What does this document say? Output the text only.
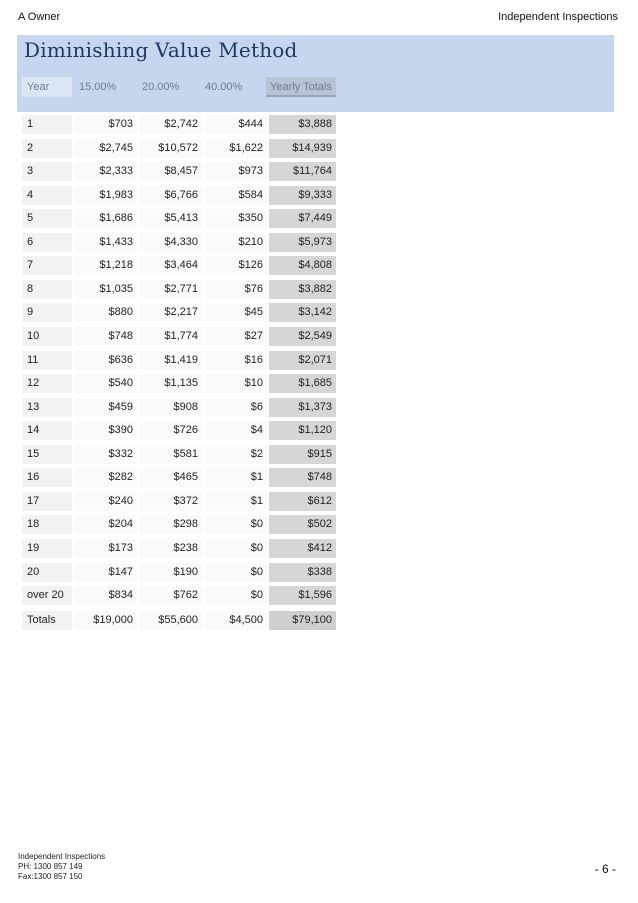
A Owner	Independent Inspections
Diminishing Value Method
Year	15.00%	20.00%	40.00%	Yearly Totals
1	$703	$2,742	$444	$3,888
2	$2,745	$10,572	$1,622	$14,939
3	$2,333	$8,457	$973	$11,764
4	$1,983	$6,766	$584	$9,333
5	$1,686	$5,413	$350	$7,449
6	$1,433	$4,330	$210	$5,973
7	$1,218	$3,464	$126	$4,808
8	$1,035	$2,771	$76	$3,882
9	$880	$2,217	$45	$3,142
10	$748	$1,774	$27	$2,549
11	$636	$1,419	$16	$2,071
12	$540	$1,135	$10	$1,685
13	$459	$908	$6	$1,373
14	$390	$726	$4	$1,120
15	$332	$581	$2	$915
16	$282	$465	$1	$748
17	$240	$372	$1	$612
18	$204	$298	$0	$502
19	$173	$238	$0	$412
20	$147	$190	$0	$338
over 20	$834	$762	$0	$1,596
Totals	$19,000	$55,600	$4,500	$79,100
Independent Inspections
PH: 1300 857 149
Fax:1300 857 150
- 6 -
